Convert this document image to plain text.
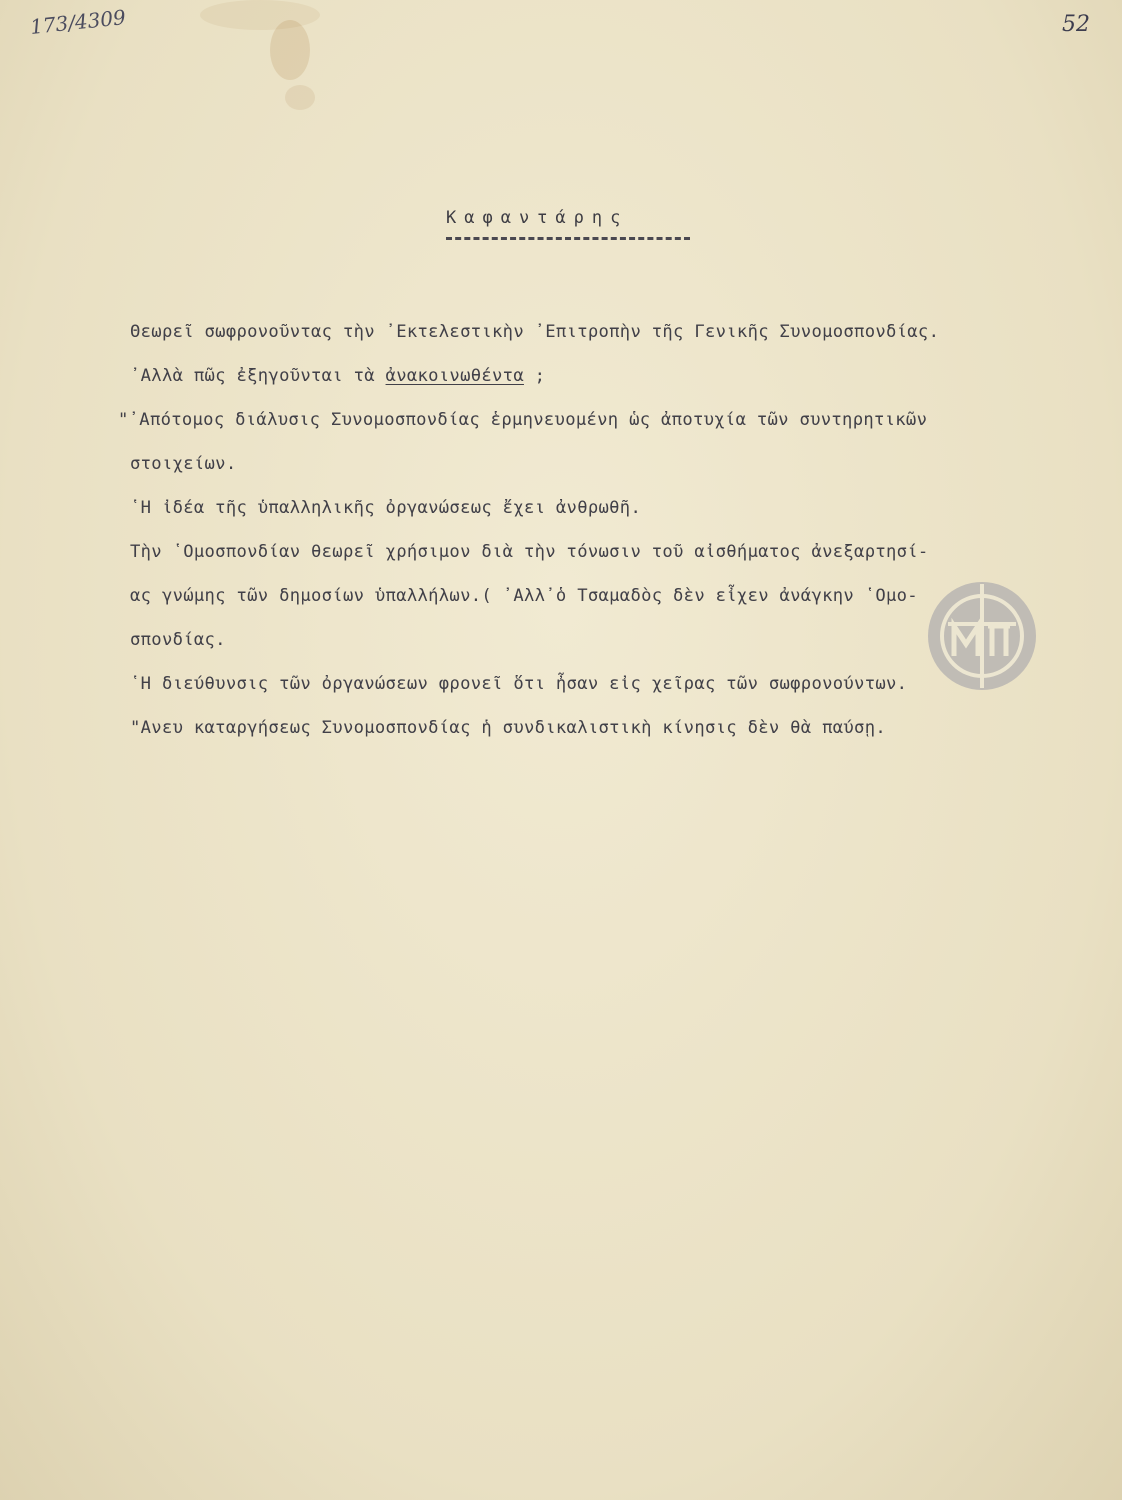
173/4309	52
Καφαντάρης
Θεωρεῖ σωφρονοῦντας τὴν ᾿Εκτελεστικὴν ᾿Επιτροπὴν τῆς Γενικῆς Συνομοσπονδίας.
᾿Αλλὰ πῶς ἐξηγοῦνται τὰ ἀνακοινωθέντα ;
"᾿Απότομος διάλυσις Συνομοσπονδίας ἑρμηνευομένη ὡς ἀποτυχία τῶν συντηρητικῶν
στοιχείων.
῾Η ἰδέα τῆς ὑπαλληλικῆς ὀργανώσεως ἔχει ἀνθρωθῆ.
Τὴν ῾Ομοσπονδίαν θεωρεῖ χρήσιμον διὰ τὴν τόνωσιν τοῦ αἰσθήματος ἀνεξαρτησί-
ας γνώμης τῶν δημοσίων ὑπαλλήλων.( ᾿Αλλ᾿ὁ Τσαμαδὸς δὲν εἶχεν ἀνάγκην ῾Ομο-
σπονδίας.
῾Η διεύθυνσις τῶν ὀργανώσεων φρονεῖ ὅτι ἦσαν εἰς χεῖρας τῶν σωφρονούντων.
"Ανευ καταργήσεως Συνομοσπονδίας ἡ συνδικαλιστικὴ κίνησις δὲν θὰ παύσῃ.
